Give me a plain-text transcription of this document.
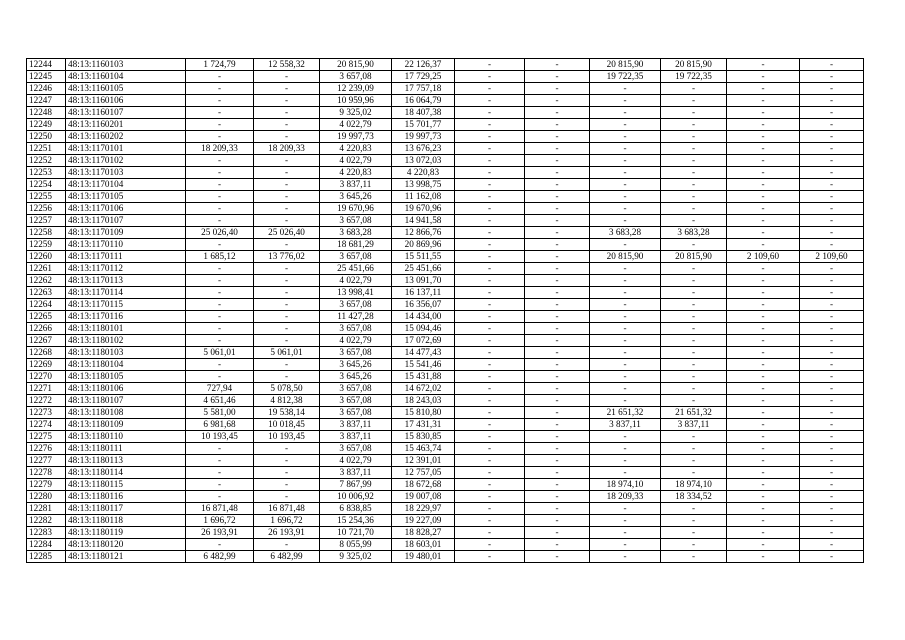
12244	48:13:1160103	1 724,79	12 558,32	20 815,90	22 126,37	-	-	20 815,90	20 815,90	-	-
12245	48:13:1160104	-	-	3 657,08	17 729,25	-	-	19 722,35	19 722,35	-	-
12246	48:13:1160105	-	-	12 239,09	17 757,18	-	-	-	-	-	-
12247	48:13:1160106	-	-	10 959,96	16 064,79	-	-	-	-	-	-
12248	48:13:1160107	-	-	9 325,02	18 407,38	-	-	-	-	-	-
12249	48:13:1160201	-	-	4 022,79	15 701,77	-	-	-	-	-	-
12250	48:13:1160202	-	-	19 997,73	19 997,73	-	-	-	-	-	-
12251	48:13:1170101	18 209,33	18 209,33	4 220,83	13 676,23	-	-	-	-	-	-
12252	48:13:1170102	-	-	4 022,79	13 072,03	-	-	-	-	-	-
12253	48:13:1170103	-	-	4 220,83	4 220,83	-	-	-	-	-	-
12254	48:13:1170104	-	-	3 837,11	13 998,75	-	-	-	-	-	-
12255	48:13:1170105	-	-	3 645,26	11 162,08	-	-	-	-	-	-
12256	48:13:1170106	-	-	19 670,96	19 670,96	-	-	-	-	-	-
12257	48:13:1170107	-	-	3 657,08	14 941,58	-	-	-	-	-	-
12258	48:13:1170109	25 026,40	25 026,40	3 683,28	12 866,76	-	-	3 683,28	3 683,28	-	-
12259	48:13:1170110	-	-	18 681,29	20 869,96	-	-	-	-	-	-
12260	48:13:1170111	1 685,12	13 776,02	3 657,08	15 511,55	-	-	20 815,90	20 815,90	2 109,60	2 109,60
12261	48:13:1170112	-	-	25 451,66	25 451,66	-	-	-	-	-	-
12262	48:13:1170113	-	-	4 022,79	13 091,70	-	-	-	-	-	-
12263	48:13:1170114	-	-	13 998,41	16 137,11	-	-	-	-	-	-
12264	48:13:1170115	-	-	3 657,08	16 356,07	-	-	-	-	-	-
12265	48:13:1170116	-	-	11 427,28	14 434,00	-	-	-	-	-	-
12266	48:13:1180101	-	-	3 657,08	15 094,46	-	-	-	-	-	-
12267	48:13:1180102	-	-	4 022,79	17 072,69	-	-	-	-	-	-
12268	48:13:1180103	5 061,01	5 061,01	3 657,08	14 477,43	-	-	-	-	-	-
12269	48:13:1180104	-	-	3 645,26	15 541,46	-	-	-	-	-	-
12270	48:13:1180105	-	-	3 645,26	15 431,88	-	-	-	-	-	-
12271	48:13:1180106	727,94	5 078,50	3 657,08	14 672,02	-	-	-	-	-	-
12272	48:13:1180107	4 651,46	4 812,38	3 657,08	18 243,03	-	-	-	-	-	-
12273	48:13:1180108	5 581,00	19 538,14	3 657,08	15 810,80	-	-	21 651,32	21 651,32	-	-
12274	48:13:1180109	6 981,68	10 018,45	3 837,11	17 431,31	-	-	3 837,11	3 837,11	-	-
12275	48:13:1180110	10 193,45	10 193,45	3 837,11	15 830,85	-	-	-	-	-	-
12276	48:13:1180111	-	-	3 657,08	15 463,74	-	-	-	-	-	-
12277	48:13:1180113	-	-	4 022,79	12 391,01	-	-	-	-	-	-
12278	48:13:1180114	-	-	3 837,11	12 757,05	-	-	-	-	-	-
12279	48:13:1180115	-	-	7 867,99	18 672,68	-	-	18 974,10	18 974,10	-	-
12280	48:13:1180116	-	-	10 006,92	19 007,08	-	-	18 209,33	18 334,52	-	-
12281	48:13:1180117	16 871,48	16 871,48	6 838,85	18 229,97	-	-	-	-	-	-
12282	48:13:1180118	1 696,72	1 696,72	15 254,36	19 227,09	-	-	-	-	-	-
12283	48:13:1180119	26 193,91	26 193,91	10 721,70	18 828,27	-	-	-	-	-	-
12284	48:13:1180120	-	-	8 055,99	18 603,01	-	-	-	-	-	-
12285	48:13:1180121	6 482,99	6 482,99	9 325,02	19 480,01	-	-	-	-	-	-
